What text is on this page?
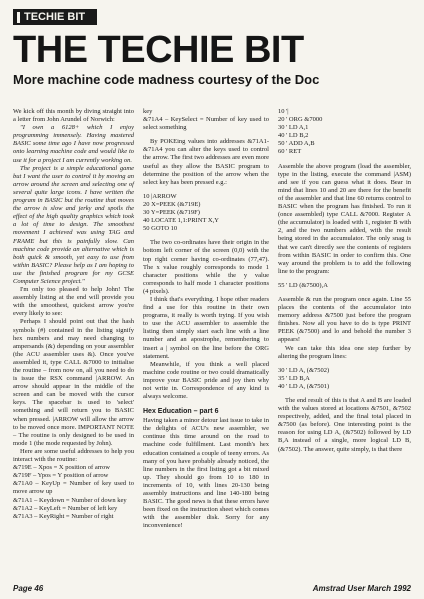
TECHIE BIT
THE TECHIE BIT
More machine code madness courtesy of the Doc

We kick off this month by diving straight into a letter from John Arundel of Norwich:

"I own a 6128+ which I enjoy programming immensely. Having mastered BASIC some time ago I have now progressed onto learning machine code and would like to use it for a project I am currently working on.

The project is a simple educational game but I want the user to control it by moving an arrow around the screen and selecting one of several quite large icons. I have written the program in BASIC but the routine that moves the arrow is slow and jerky and spoils the effect of the high quality graphics which took a lot of time to design. The smoothest movement I achieved was using TAG and FRAME but this is painfully slow. Can machine code provide an alternative which is both quick & smooth, yet easy to use from within BASIC? Please help as I am hoping to use the finished program for my GCSE Computer Science project."

I'm only too pleased to help John! The assembly listing at the end will provide you with the smoothest, quickest arrow you're every likely to see:

Perhaps I should point out that the hash symbols (#) contained in the listing signify hex numbers and may need changing to ampersands (&) depending on your assembler (the ACU assembler uses &). Once you've assembled it, type CALL &7000 to initialise the routine – from now on, all you need to do is issue the RSX command |ARROW. An arrow should appear in the middle of the screen and can be moved with the cursor keys. The spacebar is used to 'select' something and will return you to BASIC when pressed. |ARROW will allow the arrow to be moved once more. IMPORTANT NOTE – The routine is only designed to be used in mode 1 (the mode requested by John).

Here are some useful addresses to help you interact with the routine:

&719E – Xpos = X position of arrow

&719F – Ypos = Y position of arrow

&71A0 – KeyUp = Number of key used to move arrow up

&71A1 – Keydown = Number of down key

&71A2 – KeyLeft = Number of left key

&71A3 – KeyRight = Number of right

key

&71A4 – KeySelect = Number of key used to select something

By POKEing values into addresses &71A1-&71A4 you can alter the keys used to control the arrow. The first two addresses are even more useful as they allow the BASIC program to determine the position of the arrow when the select key has been pressed e.g.:

10 |ARROW
20 X=PEEK (&719E)
30 Y=PEEK (&719F)
40 LOCATE 1,1:PRINT X,Y
50 GOTO 10

The two co-ordinates have their origin in the bottom left corner of the screen (0,0) with the top right corner having co-ordinates (77,47). The x value roughly corresponds to mode 1 character positions while the y value corresponds to half mode 1 character positions (4 pixels).

I think that's everything. I hope other readers find a use for this routine in their own programs, it really is worth trying. If you wish to use the ACU assembler to assemble the listing then simply start each line with a line number and an apostrophe, remembering to insert a | symbol on the line before the ORG statement.

Meanwhile, if you think a well placed machine code routine or two could dramatically improve your BASIC pride and joy then why not write in. Correspondence of any kind is always welcome.

Hex Education – part 6

Having taken a minor detour last issue to take in the delights of ACU's new assembler, we continue this time around on the road to machine code fulfillment. Last month's hex education contained a couple of teeny errors. As many of you have probably already noticed, the line numbers in the first listing got a bit mixed up. They should go from 10 to 180 in increments of 10, with lines 20-130 being assembly instructions and line 140-180 being BASIC. The good news is that these errors have been fixed on the instruction sheet which comes with the assembler disk. Sorry for any inconvenience!

10 '|
20 ' ORG &7000
30 ' LD A,1
40 ' LD B,2
50 ' ADD A,B
60 ' RET

Assemble the above program (load the assembler, type in the listing, execute the command |ASM) and see if you can guess what it does. Bear in mind that lines 10 and 20 are there for the benefit of the assembler and that line 60 returns control to BASIC when the program has finished. To run it (once assembled) type CALL &7000. Register A (the accumulator) is loaded with 1, register B with 2, and the two numbers added, with the result being stored in the accumulator. The only snag is that we can't directly see the contents of registers from within BASIC in order to confirm this. One way around the problem is to add the following line to the program:

55 ' LD (&7500),A

Assemble & run the program once again. Line 55 places the contents of the accumulator into memory address &7500 just before the program finishes. Now all you have to do is type PRINT PEEK (&7500) and lo and behold the number 3 appears!

We can take this idea one step further by altering the program lines:

30 ' LD A, (&7502)
35 ' LD B,A
40 ' LD A, (&7501)

The end result of this is that A and B are loaded with the values stored at locations &7501, &7502 respectively, added, and the final total placed in &7500 (as before). One interesting point is the reason for using LD A, (&7502) followed by LD B,A instead of a single, more logical LD B, (&7502). The answer, quite simply, is that there

Page 46	Amstrad User March 1992
